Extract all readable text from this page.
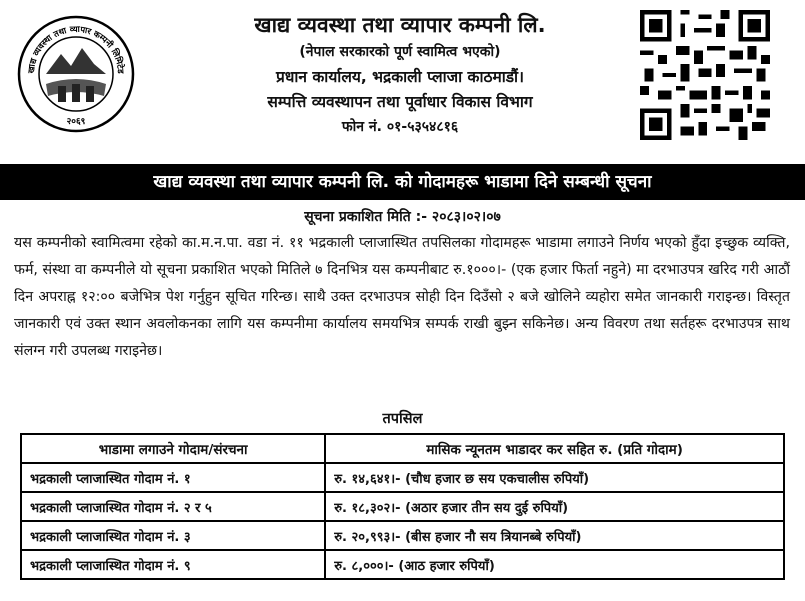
खाद्य व्यवस्था तथा व्यापार कम्पनी लिमिटेड
२०६९
खाद्य व्यवस्था तथा व्यापार कम्पनी लि.
(नेपाल सरकारको पूर्ण स्वामित्व भएको)
प्रधान कार्यालय, भद्रकाली प्लाजा काठमाडौं।
सम्पत्ति व्यवस्थापन तथा पूर्वाधार विकास विभाग
फोन नं. ०१-५३५४८१६
खाद्य व्यवस्था तथा व्यापार कम्पनी लि. को गोदामहरू भाडामा दिने सम्बन्धी सूचना
सूचना प्रकाशित मिति :- २०८३।०२।०७
यस कम्पनीको स्वामित्वमा रहेको का.म.न.पा. वडा नं. ११ भद्रकाली प्लाजास्थित तपसिलका गोदामहरू भाडामा लगाउने निर्णय भएको हुँदा इच्छुक व्यक्ति, फर्म, संस्था वा कम्पनीले यो सूचना प्रकाशित भएको मितिले ७ दिनभित्र यस कम्पनीबाट रु.१०००।- (एक हजार फिर्ता नहुने) मा दरभाउपत्र खरिद गरी आठौं दिन अपराह्न १२:०० बजेभित्र पेश गर्नुहुन सूचित गरिन्छ। साथै उक्त दरभाउपत्र सोही दिन दिउँसो २ बजे खोलिने व्यहोरा समेत जानकारी गराइन्छ। विस्तृत जानकारी एवं उक्त स्थान अवलोकनका लागि यस कम्पनीमा कार्यालय समयभित्र सम्पर्क राखी बुझ्न सकिनेछ। अन्य विवरण तथा सर्तहरू दरभाउपत्र साथ संलग्न गरी उपलब्ध गराइनेछ।
तपसिल
भाडामा लगाउने गोदाम/संरचना	मासिक न्यूनतम भाडादर कर सहित रु. (प्रति गोदाम)
भद्रकाली प्लाजास्थित गोदाम नं. १	रु. १४,६४१।- (चौध हजार छ सय एकचालीस रुपियाँ)
भद्रकाली प्लाजास्थित गोदाम नं. २ र ५	रु. १८,३०२।- (अठार हजार तीन सय दुई रुपियाँ)
भद्रकाली प्लाजास्थित गोदाम नं. ३	रु. २०,९९३।- (बीस हजार नौ सय त्रियानब्बे रुपियाँ)
भद्रकाली प्लाजास्थित गोदाम नं. ९	रु. ८,०००।- (आठ हजार रुपियाँ)
